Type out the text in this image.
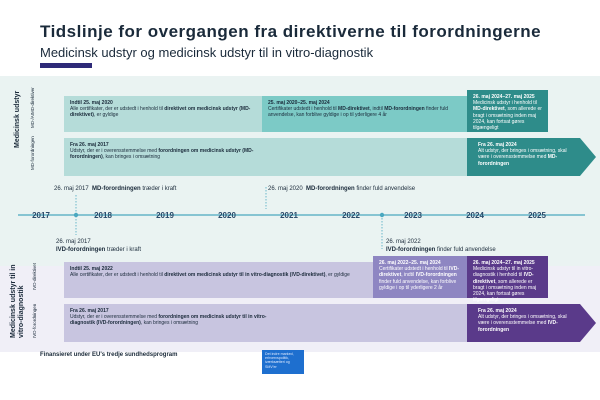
Tidslinje for overgangen fra direktiverne til forordningerne
Medicinsk udstyr og medicinsk udstyr til in vitro-diagnostik
Medicinsk udstyr MD-/AIMD-direktiver
MD-forordningen
Indtil 25. maj 2020
Alle certifikater, der er udstedt i henhold til direktivet om medicinsk udstyr (MD-direktivet), er gyldige
25. maj 2020–25. maj 2024
Certifikater udstedt i henhold til MD-direktivet, indtil MD-forordningen finder fuld anvendelse, kan forblive gyldige i op til yderligere 4 år
26. maj 2024–27. maj 2025
Medicinsk udstyr i henhold til MD-direktivet, som allerede er bragt i omsætning inden maj 2024, kan fortsat gøres tilgængeligt
Fra 26. maj 2017
Udstyr, der er i overensstemmelse med forordningen om medicinsk udstyr (MD-forordningen), kan bringes i omsætning
Fra 26. maj 2024
Alt udstyr, der bringes i omsætning, skal være i overensstemmelse med MD-forordningen
26. maj 2017 MD-forordningen træder i kraft	26. maj 2020 MD-forordningen finder fuld anvendelse
2017	2018	2019	2020	2021	2022	2023	2024	2025
26. maj 2017
IVD-forordningen træder i kraft
26. maj 2022
IVD-forordningen finder fuld anvendelse
Medicinsk udstyr til in vitro-diagnostik
IVD-direktivet
IVD-forordningen
Indtil 25. maj 2022
Alle certifikater, der er udstedt i henhold til direktivet om medicinsk udstyr til in vitro-diagnostik (IVD-direktivet), er gyldige
26. maj 2022–25. maj 2024
Certifikater udstedt i henhold til IVD-direktivet, indtil IVD-forordningen finder fuld anvendelse, kan forblive gyldige i op til yderligere 2 år
26. maj 2024–27. maj 2025
Medicinsk udstyr til in vitro-diagnostik i henhold til IVD-direktivet, som allerede er bragt i omsætning inden maj 2024, kan fortsat gøres tilgængeligt
Fra 26. maj 2017
Udstyr, der er i overensstemmelse med forordningen om medicinsk udstyr til in vitro-diagnostik (IVD-forordningen), kan bringes i omsætning
Fra 26. maj 2024
Alt udstyr, der bringes i omsætning, skal være i overensstemmelse med IVD-forordningen
Finansieret under EU's tredje sundhedsprogram	Det indre marked, erhvervspolitik, iværksætteri og SMV'er
